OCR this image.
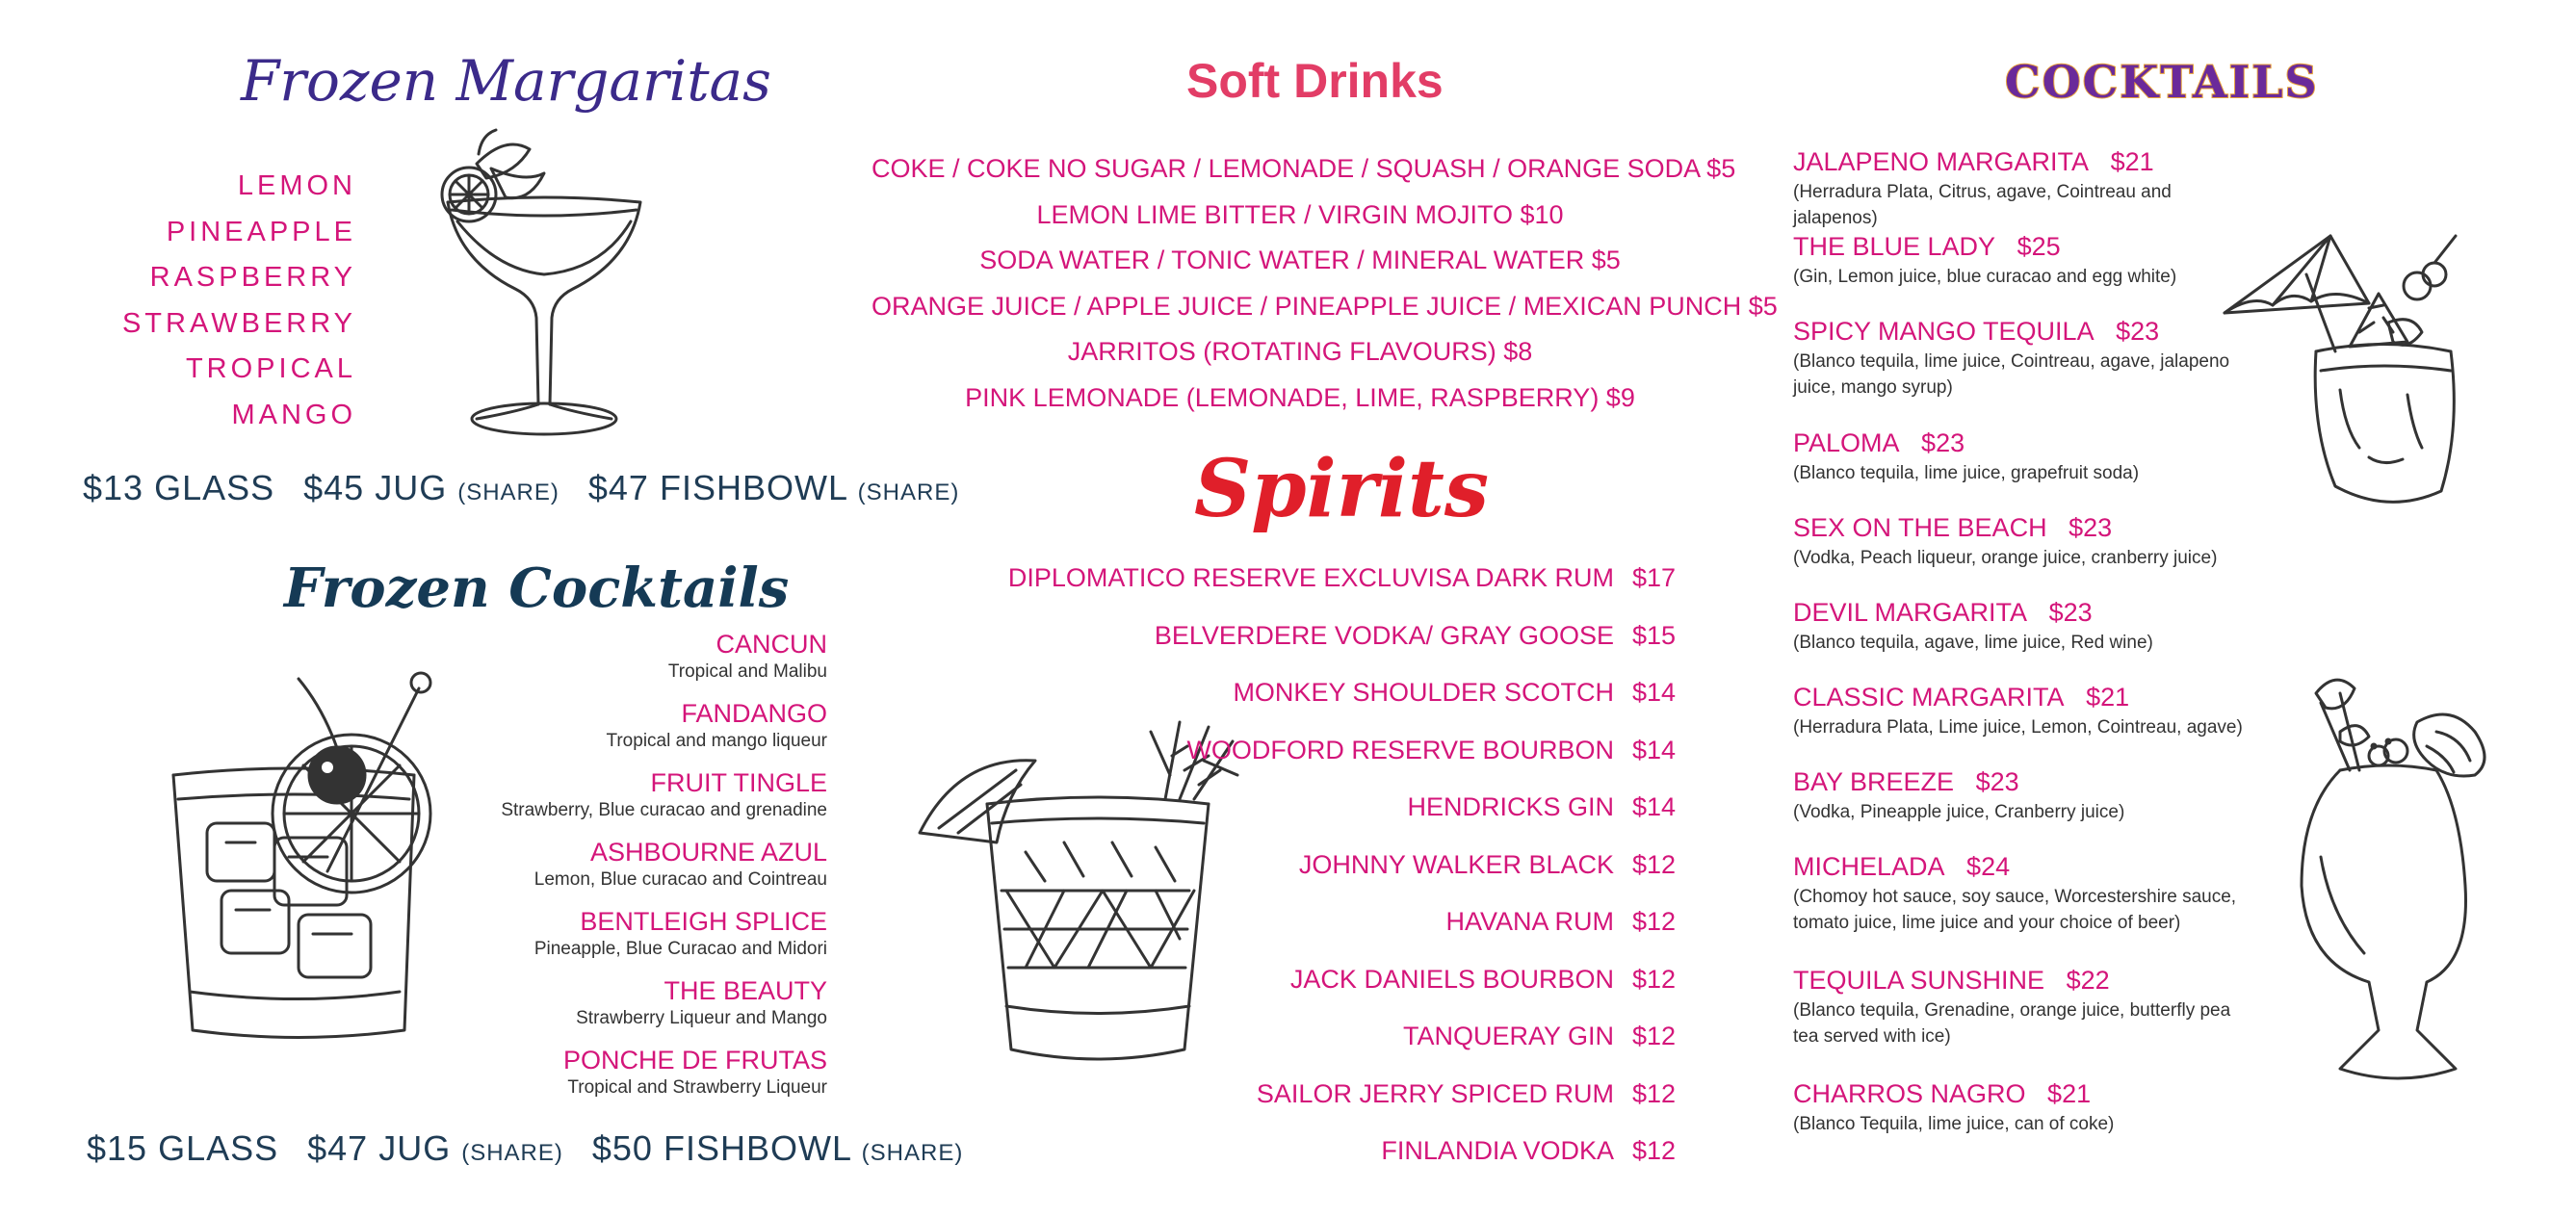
Frozen Margaritas
LEMON
PINEAPPLE
RASPBERRY
STRAWBERRY
TROPICAL
MANGO
$13 GLASS $45 JUG (SHARE) $47 FISHBOWL (SHARE)
Frozen Cocktails
CANCUN
Tropical and Malibu
FANDANGO
Tropical and mango liqueur
FRUIT TINGLE
Strawberry, Blue curacao and grenadine
ASHBOURNE AZUL
Lemon, Blue curacao and Cointreau
BENTLEIGH SPLICE
Pineapple, Blue Curacao and Midori
THE BEAUTY
Strawberry Liqueur and Mango
PONCHE DE FRUTAS
Tropical and Strawberry Liqueur
$15 GLASS $47 JUG (SHARE) $50 FISHBOWL (SHARE)
Soft Drinks
COKE / COKE NO SUGAR / LEMONADE / SQUASH / ORANGE SODA $5
LEMON LIME BITTER / VIRGIN MOJITO $10
SODA WATER / TONIC WATER / MINERAL WATER $5
ORANGE JUICE / APPLE JUICE / PINEAPPLE JUICE / MEXICAN PUNCH $5
JARRITOS (ROTATING FLAVOURS) $8
PINK LEMONADE (LEMONADE, LIME, RASPBERRY) $9
Spirits
DIPLOMATICO RESERVE EXCLUVISA DARK RUM $17
BELVERDERE VODKA/ GRAY GOOSE $15
MONKEY SHOULDER SCOTCH $14
WOODFORD RESERVE BOURBON $14
HENDRICKS GIN $14
JOHNNY WALKER BLACK $12
HAVANA RUM $12
JACK DANIELS BOURBON $12
TANQUERAY GIN $12
SAILOR JERRY SPICED RUM $12
FINLANDIA VODKA $12
COCKTAILS
JALAPENO MARGARITA $21
(Herradura Plata, Citrus, agave, Cointreau and jalapenos)
THE BLUE LADY $25
(Gin, Lemon juice, blue curacao and egg white)
SPICY MANGO TEQUILA $23
(Blanco tequila, lime juice, Cointreau, agave, jalapeno juice, mango syrup)
PALOMA $23
(Blanco tequila, lime juice, grapefruit soda)
SEX ON THE BEACH $23
(Vodka, Peach liqueur, orange juice, cranberry juice)
DEVIL MARGARITA $23
(Blanco tequila, agave, lime juice, Red wine)
CLASSIC MARGARITA $21
(Herradura Plata, Lime juice, Lemon, Cointreau, agave)
BAY BREEZE $23
(Vodka, Pineapple juice, Cranberry juice)
MICHELADA $24
(Chomoy hot sauce, soy sauce, Worcestershire sauce, tomato juice, lime juice and your choice of beer)
TEQUILA SUNSHINE $22
(Blanco tequila, Grenadine, orange juice, butterfly pea tea served with ice)
CHARROS NAGRO $21
(Blanco Tequila, lime juice, can of coke)
